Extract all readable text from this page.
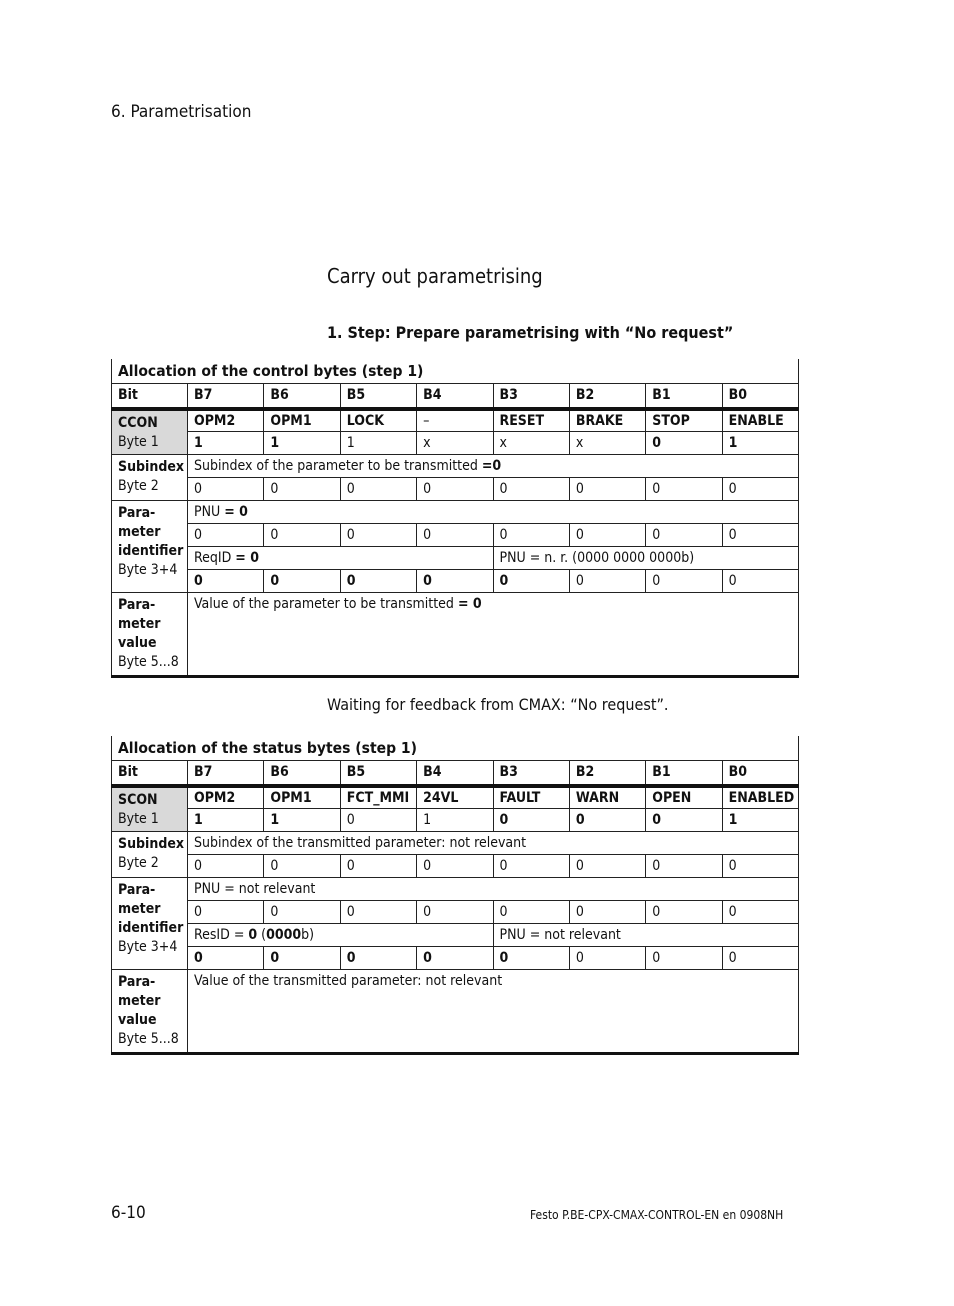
6. Parametrisation
Carry out parametrising
1. Step: Prepare parametrising with “No request”
Allocation of the control bytes (step 1)
Bit	B7	B6	B5	B4	B3	B2	B1	B0
CCON
Byte 1	OPM2	OPM1	LOCK	–	RESET	BRAKE	STOP	ENABLE
	1	1	1	x	x	x	0	1
Subindex
Byte 2	Subindex of the parameter to be transmitted =0							
	0	0	0	0	0	0	0	0
Para-
meter
identifier
Byte 3+4	PNU = 0							
	0	0	0	0	0	0	0	0
	ReqID = 0				PNU = n. r. (0000 0000 0000b)			
	0	0	0	0	0	0	0	0
Para-
meter
value
Byte 5...8	Value of the parameter to be transmitted = 0							
Waiting for feedback from CMAX: “No request”.
Allocation of the status bytes (step 1)
Bit	B7	B6	B5	B4	B3	B2	B1	B0
SCON
Byte 1	OPM2	OPM1	FCT_MMI	24VL	FAULT	WARN	OPEN	ENABLED
	1	1	0	1	0	0	0	1
Subindex
Byte 2	Subindex of the transmitted parameter: not relevant							
	0	0	0	0	0	0	0	0
Para-
meter
identifier
Byte 3+4	PNU = not relevant							
	0	0	0	0	0	0	0	0
	ResID = 0 (0000b)				PNU = not relevant			
	0	0	0	0	0	0	0	0
Para-
meter
value
Byte 5...8	Value of the transmitted parameter: not relevant							
6-10	Festo P.BE-CPX-CMAX-CONTROL-EN en 0908NH
